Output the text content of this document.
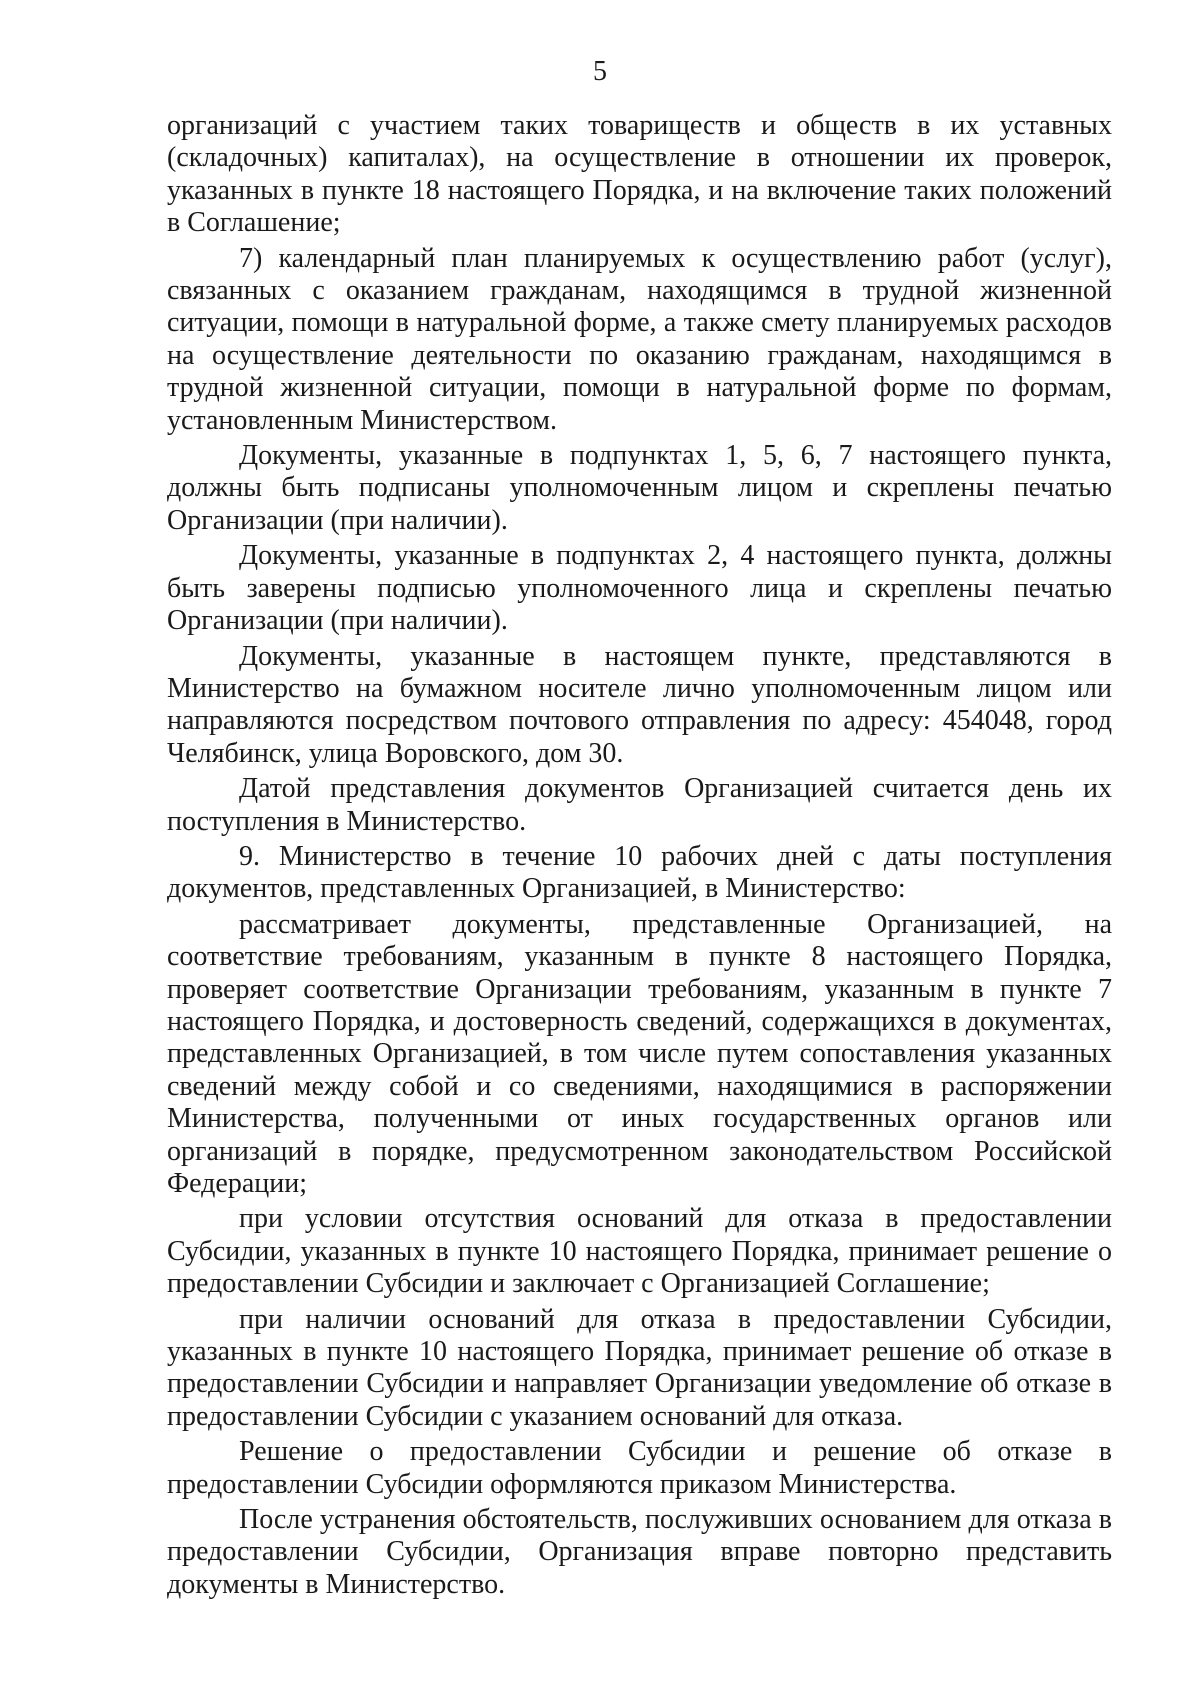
5

организаций с участием таких товариществ и обществ в их уставных (складочных) капиталах), на осуществление в отношении их проверок, указанных в пункте 18 настоящего Порядка, и на включение таких положений в Соглашение;

7) календарный план планируемых к осуществлению работ (услуг), связанных с оказанием гражданам, находящимся в трудной жизненной ситуации, помощи в натуральной форме, а также смету планируемых расходов на осуществление деятельности по оказанию гражданам, находящимся в трудной жизненной ситуации, помощи в натуральной форме по формам, установленным Министерством.

Документы, указанные в подпунктах 1, 5, 6, 7 настоящего пункта, должны быть подписаны уполномоченным лицом и скреплены печатью Организации (при наличии).

Документы, указанные в подпунктах 2, 4 настоящего пункта, должны быть заверены подписью уполномоченного лица и скреплены печатью Организации (при наличии).

Документы, указанные в настоящем пункте, представляются в Министерство на бумажном носителе лично уполномоченным лицом или направляются посредством почтового отправления по адресу: 454048, город Челябинск, улица Воровского, дом 30.

Датой представления документов Организацией считается день их поступления в Министерство.

9. Министерство в течение 10 рабочих дней с даты поступления документов, представленных Организацией, в Министерство:

рассматривает документы, представленные Организацией, на соответствие требованиям, указанным в пункте 8 настоящего Порядка, проверяет соответствие Организации требованиям, указанным в пункте 7 настоящего Порядка, и достоверность сведений, содержащихся в документах, представленных Организацией, в том числе путем сопоставления указанных сведений между собой и со сведениями, находящимися в распоряжении Министерства, полученными от иных государственных органов или организаций в порядке, предусмотренном законодательством Российской Федерации;

при условии отсутствия оснований для отказа в предоставлении Субсидии, указанных в пункте 10 настоящего Порядка, принимает решение о предоставлении Субсидии и заключает с Организацией Соглашение;

при наличии оснований для отказа в предоставлении Субсидии, указанных в пункте 10 настоящего Порядка, принимает решение об отказе в предоставлении Субсидии и направляет Организации уведомление об отказе в предоставлении Субсидии с указанием оснований для отказа.

Решение о предоставлении Субсидии и решение об отказе в предоставлении Субсидии оформляются приказом Министерства.

После устранения обстоятельств, послуживших основанием для отказа в предоставлении Субсидии, Организация вправе повторно представить документы в Министерство.
